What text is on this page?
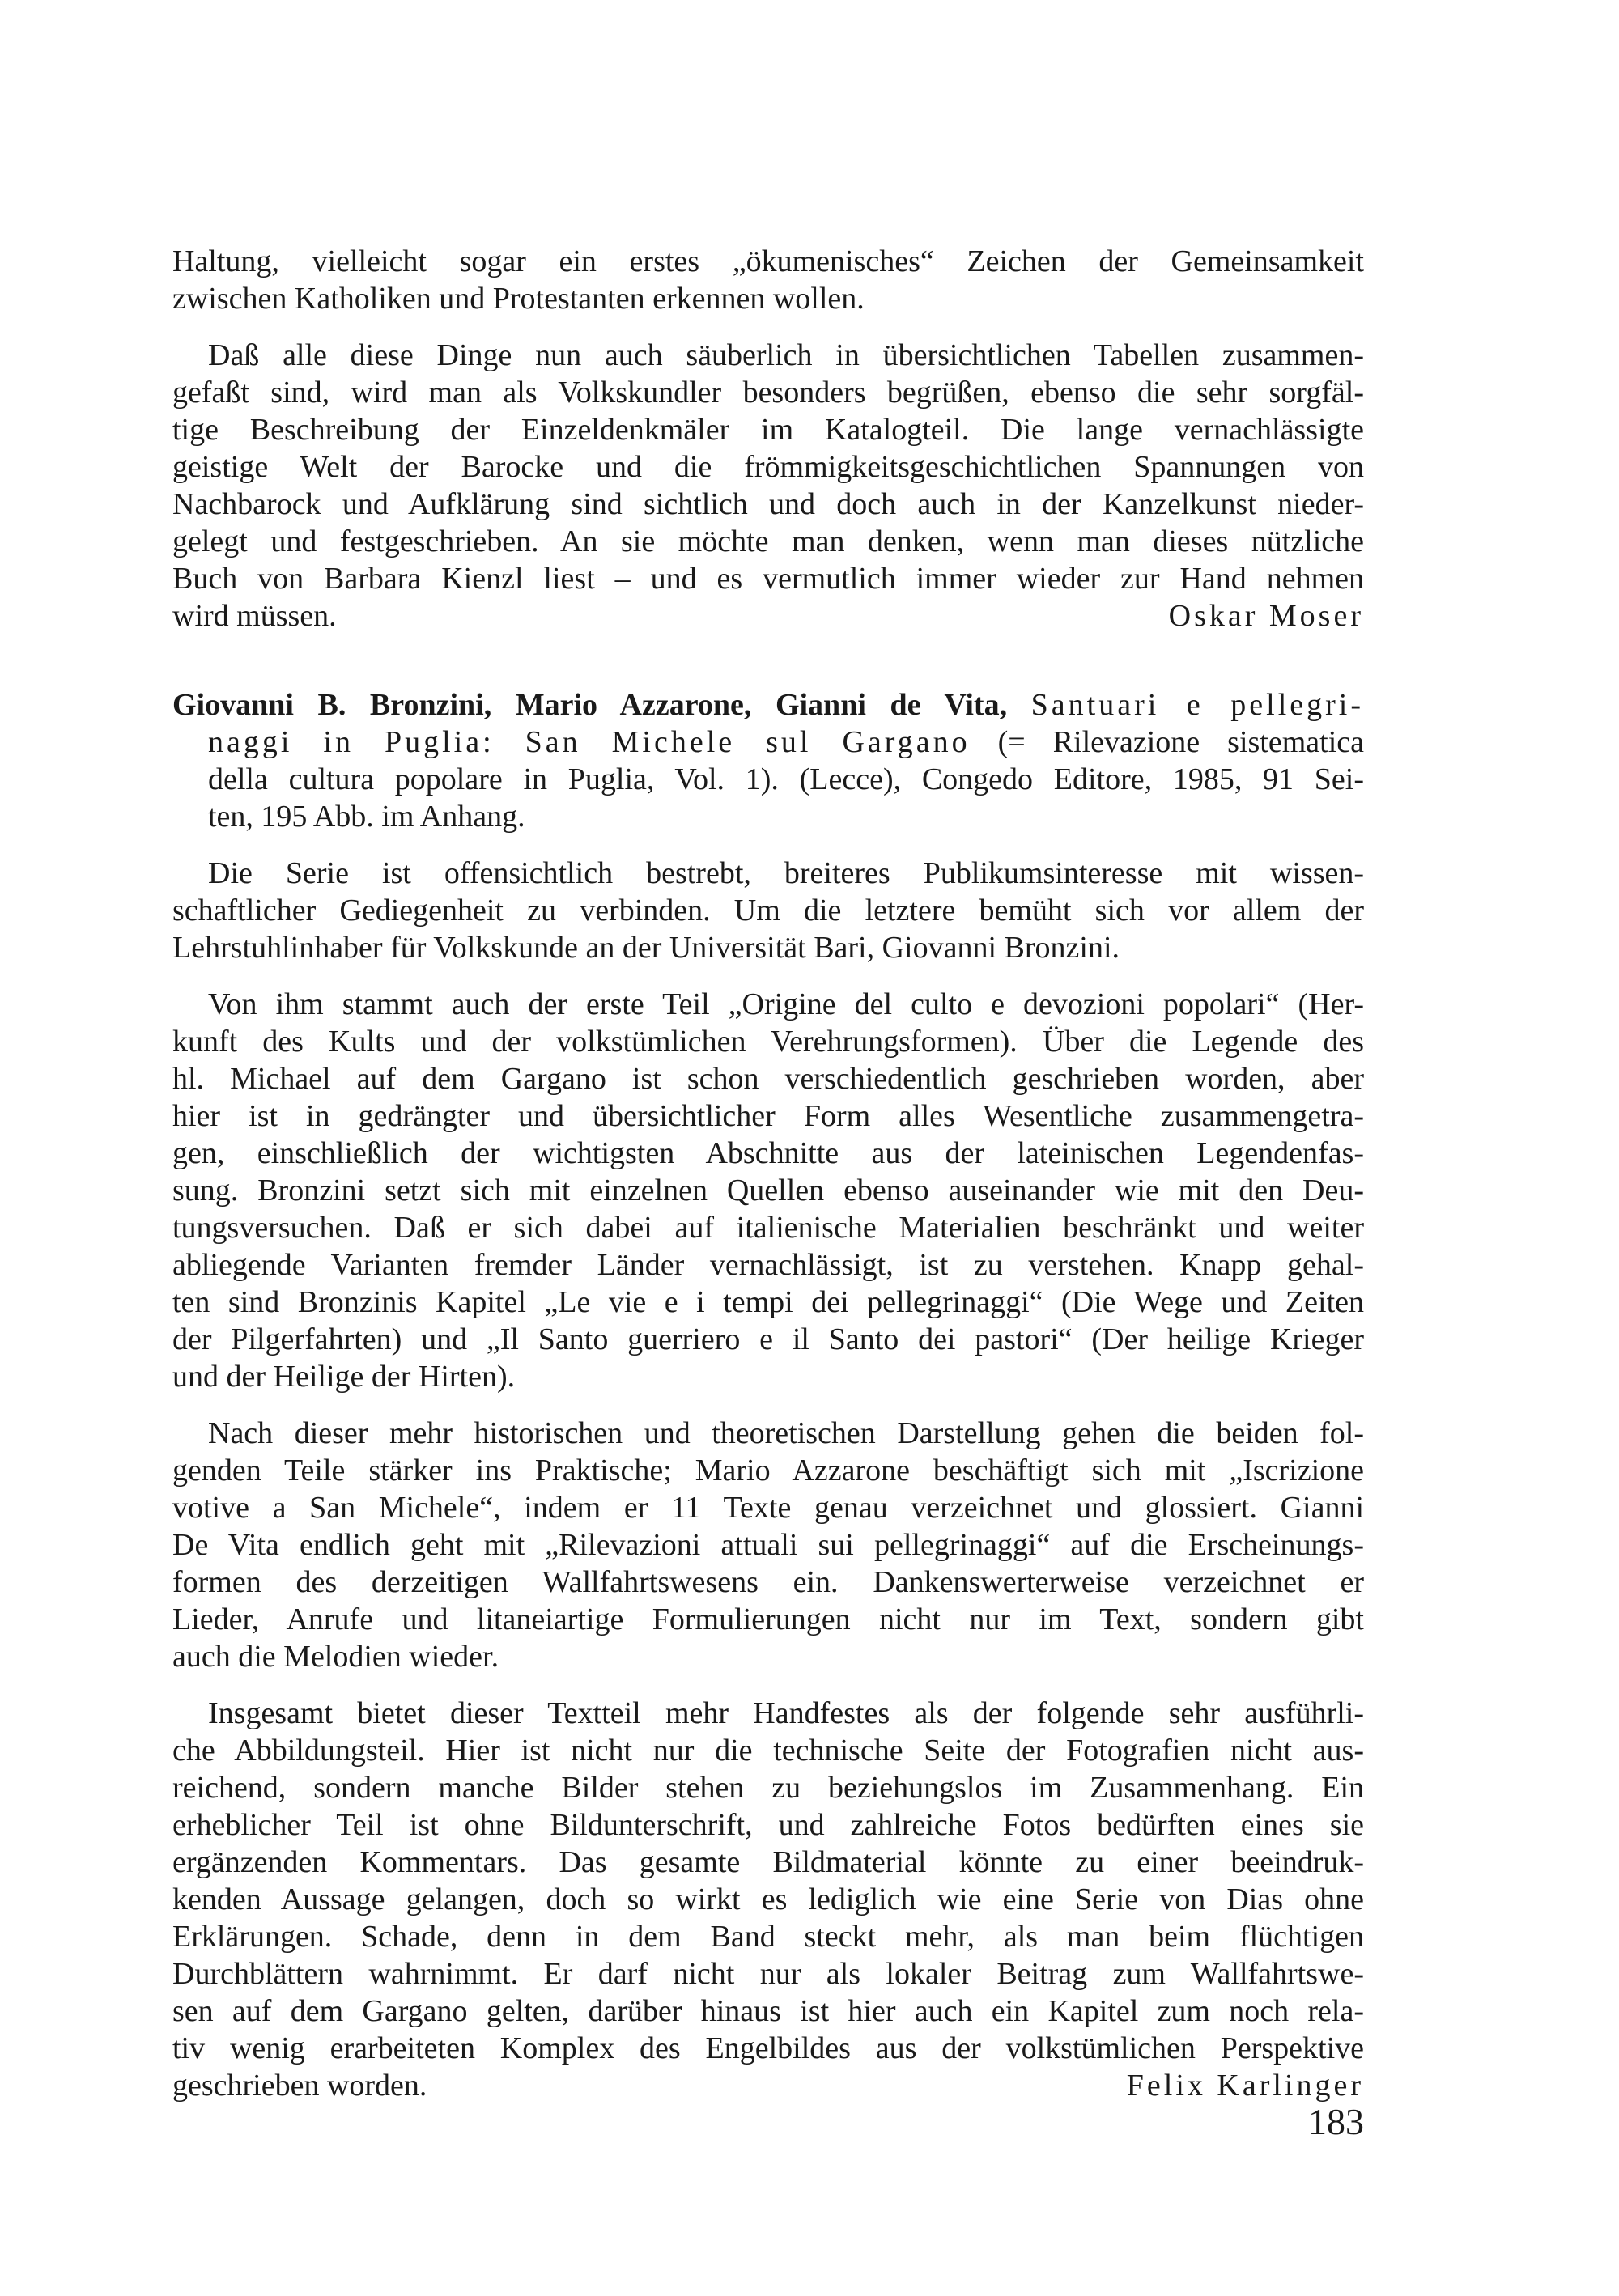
Haltung, vielleicht sogar ein erstes „ökumenisches“ Zeichen der Gemeinsamkeit
zwischen Katholiken und Protestanten erkennen wollen.
Daß alle diese Dinge nun auch säuberlich in übersichtlichen Tabellen zusammen-
gefaßt sind, wird man als Volkskundler besonders begrüßen, ebenso die sehr sorgfäl-
tige Beschreibung der Einzeldenkmäler im Katalogteil. Die lange vernachlässigte
geistige Welt der Barocke und die frömmigkeitsgeschichtlichen Spannungen von
Nachbarock und Aufklärung sind sichtlich und doch auch in der Kanzelkunst nieder-
gelegt und festgeschrieben. An sie möchte man denken, wenn man dieses nützliche
Buch von Barbara Kienzl liest – und es vermutlich immer wieder zur Hand nehmen
wird müssen.	Oskar Moser
Giovanni B. Bronzini, Mario Azzarone, Gianni de Vita, Santuari e pellegri-
naggi in Puglia: San Michele sul Gargano (= Rilevazione sistematica
della cultura popolare in Puglia, Vol. 1). (Lecce), Congedo Editore, 1985, 91 Sei-
ten, 195 Abb. im Anhang.
Die Serie ist offensichtlich bestrebt, breiteres Publikumsinteresse mit wissen-
schaftlicher Gediegenheit zu verbinden. Um die letztere bemüht sich vor allem der
Lehrstuhlinhaber für Volkskunde an der Universität Bari, Giovanni Bronzini.
Von ihm stammt auch der erste Teil „Origine del culto e devozioni popolari“ (Her-
kunft des Kults und der volkstümlichen Verehrungsformen). Über die Legende des
hl. Michael auf dem Gargano ist schon verschiedentlich geschrieben worden, aber
hier ist in gedrängter und übersichtlicher Form alles Wesentliche zusammengetra-
gen, einschließlich der wichtigsten Abschnitte aus der lateinischen Legendenfas-
sung. Bronzini setzt sich mit einzelnen Quellen ebenso auseinander wie mit den Deu-
tungsversuchen. Daß er sich dabei auf italienische Materialien beschränkt und weiter
abliegende Varianten fremder Länder vernachlässigt, ist zu verstehen. Knapp gehal-
ten sind Bronzinis Kapitel „Le vie e i tempi dei pellegrinaggi“ (Die Wege und Zeiten
der Pilgerfahrten) und „Il Santo guerriero e il Santo dei pastori“ (Der heilige Krieger
und der Heilige der Hirten).
Nach dieser mehr historischen und theoretischen Darstellung gehen die beiden fol-
genden Teile stärker ins Praktische; Mario Azzarone beschäftigt sich mit „Iscrizione
votive a San Michele“, indem er 11 Texte genau verzeichnet und glossiert. Gianni
De Vita endlich geht mit „Rilevazioni attuali sui pellegrinaggi“ auf die Erscheinungs-
formen des derzeitigen Wallfahrtswesens ein. Dankenswerterweise verzeichnet er
Lieder, Anrufe und litaneiartige Formulierungen nicht nur im Text, sondern gibt
auch die Melodien wieder.
Insgesamt bietet dieser Textteil mehr Handfestes als der folgende sehr ausführli-
che Abbildungsteil. Hier ist nicht nur die technische Seite der Fotografien nicht aus-
reichend, sondern manche Bilder stehen zu beziehungslos im Zusammenhang. Ein
erheblicher Teil ist ohne Bildunterschrift, und zahlreiche Fotos bedürften eines sie
ergänzenden Kommentars. Das gesamte Bildmaterial könnte zu einer beeindruk-
kenden Aussage gelangen, doch so wirkt es lediglich wie eine Serie von Dias ohne
Erklärungen. Schade, denn in dem Band steckt mehr, als man beim flüchtigen
Durchblättern wahrnimmt. Er darf nicht nur als lokaler Beitrag zum Wallfahrtswe-
sen auf dem Gargano gelten, darüber hinaus ist hier auch ein Kapitel zum noch rela-
tiv wenig erarbeiteten Komplex des Engelbildes aus der volkstümlichen Perspektive
geschrieben worden.	Felix Karlinger
183
